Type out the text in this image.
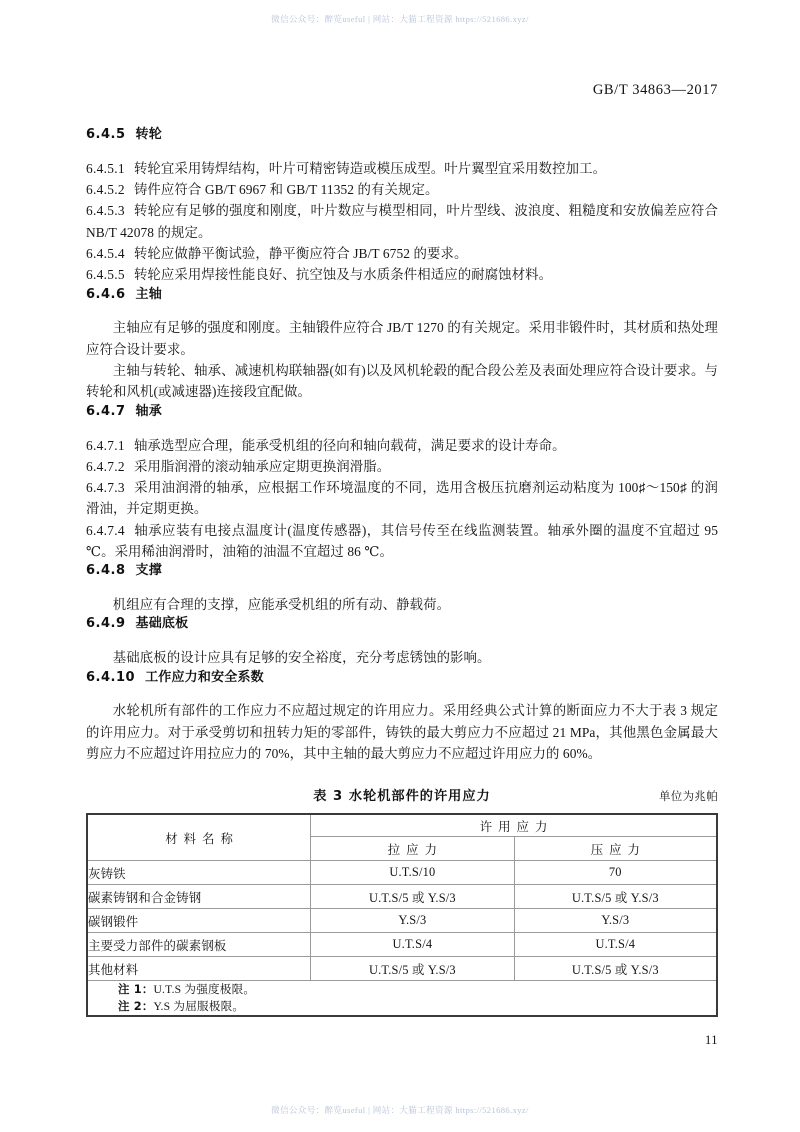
微信公众号：醉览useful | 网站：大猫工程资源 https://521686.xyz/
GB/T 34863—2017
6.4.5 转轮

6.4.5.1 转轮宜采用铸焊结构，叶片可精密铸造或模压成型。叶片翼型宜采用数控加工。

6.4.5.2 铸件应符合 GB/T 6967 和 GB/T 11352 的有关规定。

6.4.5.3 转轮应有足够的强度和刚度，叶片数应与模型相同，叶片型线、波浪度、粗糙度和安放偏差应符合 NB/T 42078 的规定。

6.4.5.4 转轮应做静平衡试验，静平衡应符合 JB/T 6752 的要求。

6.4.5.5 转轮应采用焊接性能良好、抗空蚀及与水质条件相适应的耐腐蚀材料。

6.4.6 主轴

主轴应有足够的强度和刚度。主轴锻件应符合 JB/T 1270 的有关规定。采用非锻件时，其材质和热处理应符合设计要求。

主轴与转轮、轴承、减速机构联轴器(如有)以及风机轮毂的配合段公差及表面处理应符合设计要求。与转轮和风机(或减速器)连接段宜配做。

6.4.7 轴承

6.4.7.1 轴承选型应合理，能承受机组的径向和轴向载荷，满足要求的设计寿命。

6.4.7.2 采用脂润滑的滚动轴承应定期更换润滑脂。

6.4.7.3 采用油润滑的轴承，应根据工作环境温度的不同，选用含极压抗磨剂运动粘度为 100♯～150♯ 的润滑油，并定期更换。

6.4.7.4 轴承应装有电接点温度计(温度传感器)，其信号传至在线监测装置。轴承外圈的温度不宜超过 95 ℃。采用稀油润滑时，油箱的油温不宜超过 86 ℃。

6.4.8 支撑

机组应有合理的支撑，应能承受机组的所有动、静载荷。

6.4.9 基础底板

基础底板的设计应具有足够的安全裕度，充分考虑锈蚀的影响。

6.4.10 工作应力和安全系数

水轮机所有部件的工作应力不应超过规定的许用应力。采用经典公式计算的断面应力不大于表 3 规定的许用应力。对于承受剪切和扭转力矩的零部件，铸铁的最大剪应力不应超过 21 MPa，其他黑色金属最大剪应力不应超过许用拉应力的 70%，其中主轴的最大剪应力不应超过许用应力的 60%。

表 3 水轮机部件的许用应力	单位为兆帕
材料名称	许用应力	
	拉应力	压应力
灰铸铁	U.T.S/10	70
碳素铸钢和合金铸钢	U.T.S/5 或 Y.S/3	U.T.S/5 或 Y.S/3
碳钢锻件	Y.S/3	Y.S/3
主要受力部件的碳素钢板	U.T.S/4	U.T.S/4
其他材料	U.T.S/5 或 Y.S/3	U.T.S/5 或 Y.S/3

注 1：U.T.S 为强度极限。
注 2：Y.S 为屈服极限。		
11
微信公众号：醉览useful | 网站：大猫工程资源 https://521686.xyz/
